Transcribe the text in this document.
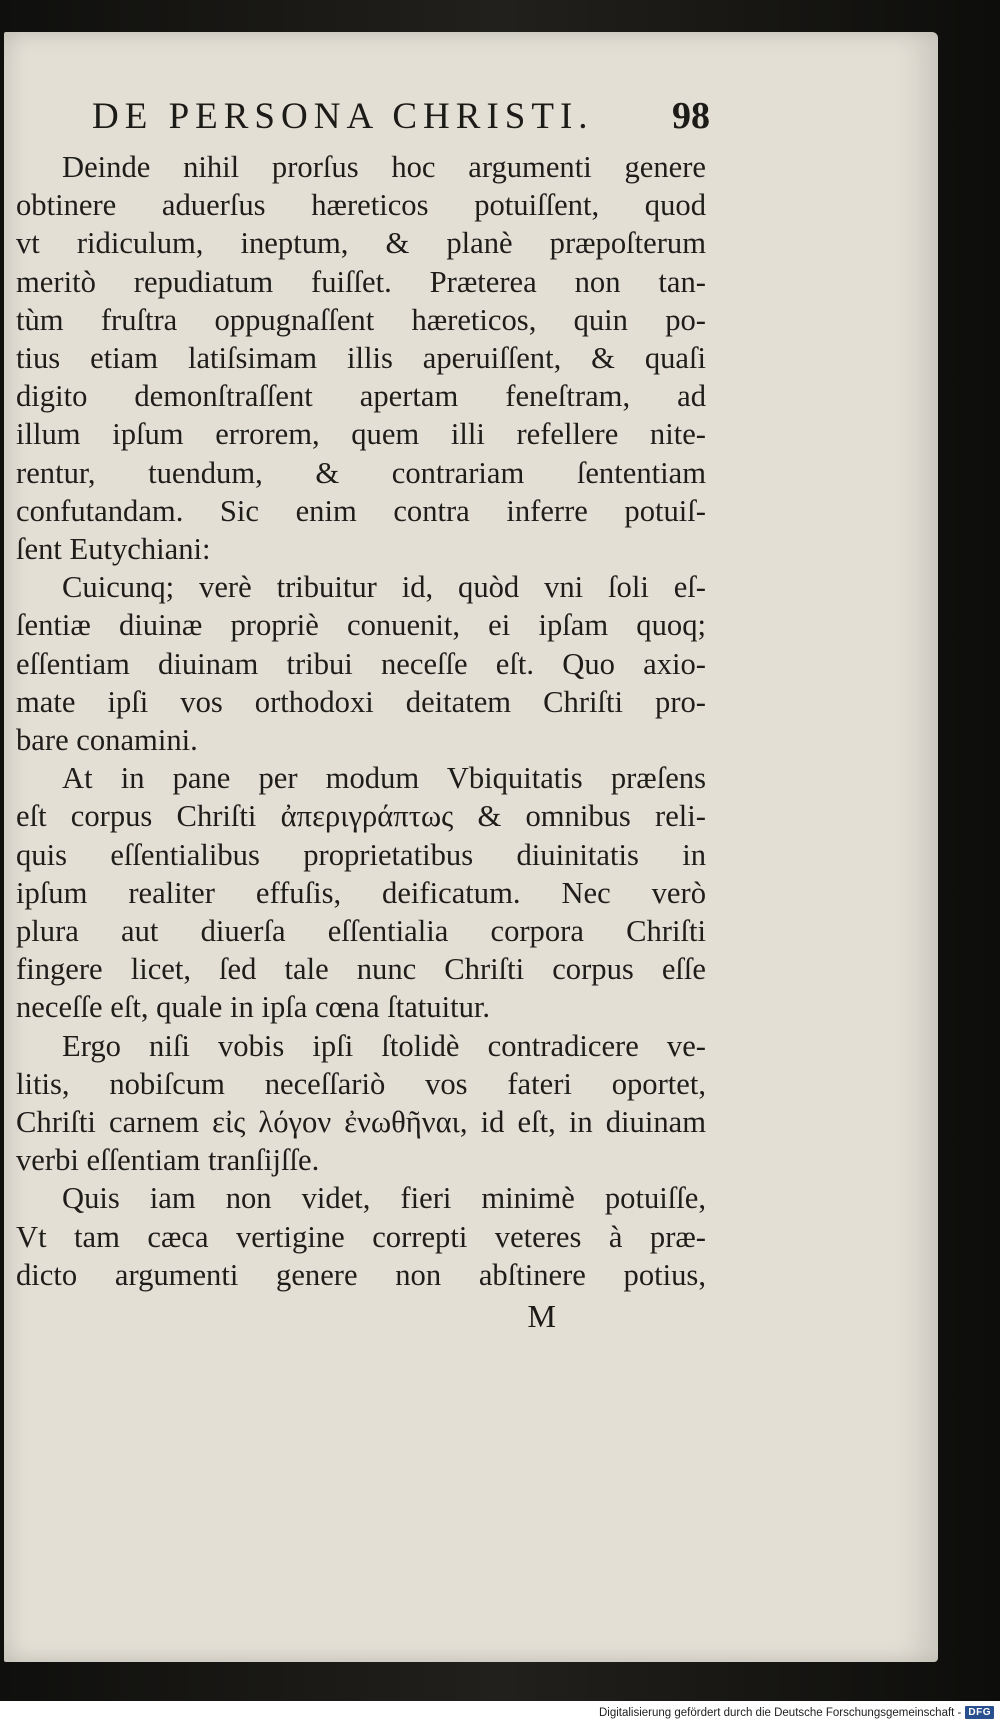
DE PERSONA CHRISTI. 98
Deinde nihil prorſus hoc argumenti genere
obtinere aduerſus hæreticos potuiſſent, quod
vt ridiculum, ineptum, & planè præpoſterum
meritò repudiatum fuiſſet. Præterea non tan-
tùm fruſtra oppugnaſſent hæreticos, quin po-
tius etiam latiſsimam illis aperuiſſent, & quaſi
digito demonſtraſſent apertam feneſtram, ad
illum ipſum errorem, quem illi refellere nite-
rentur, tuendum, & contrariam ſententiam
confutandam. Sic enim contra inferre potuiſ-
ſent Eutychiani:
Cuicunq; verè tribuitur id, quòd vni ſoli eſ-
ſentiæ diuinæ propriè conuenit, ei ipſam quoq;
eſſentiam diuinam tribui neceſſe eſt. Quo axio-
mate ipſi vos orthodoxi deitatem Chriſti pro-
bare conamini.
At in pane per modum Vbiquitatis præſens
eſt corpus Chriſti ἀπεριγράπτως & omnibus reli-
quis eſſentialibus proprietatibus diuinitatis in
ipſum realiter effuſis, deificatum. Nec verò
plura aut diuerſa eſſentialia corpora Chriſti
fingere licet, ſed tale nunc Chriſti corpus eſſe
neceſſe eſt, quale in ipſa cœna ſtatuitur.
Ergo niſi vobis ipſi ſtolidè contradicere ve-
litis, nobiſcum neceſſariò vos fateri oportet,
Chriſti carnem εἰς λόγον ἐνωθῆναι, id eſt, in diuinam
verbi eſſentiam tranſijſſe.
Quis iam non videt, fieri minimè potuiſſe,
Vt tam cæca vertigine correpti veteres à præ-
dicto argumenti genere non abſtinere potius,
M
Digitalisierung gefördert durch die Deutsche Forschungsgemeinschaft - DFG
